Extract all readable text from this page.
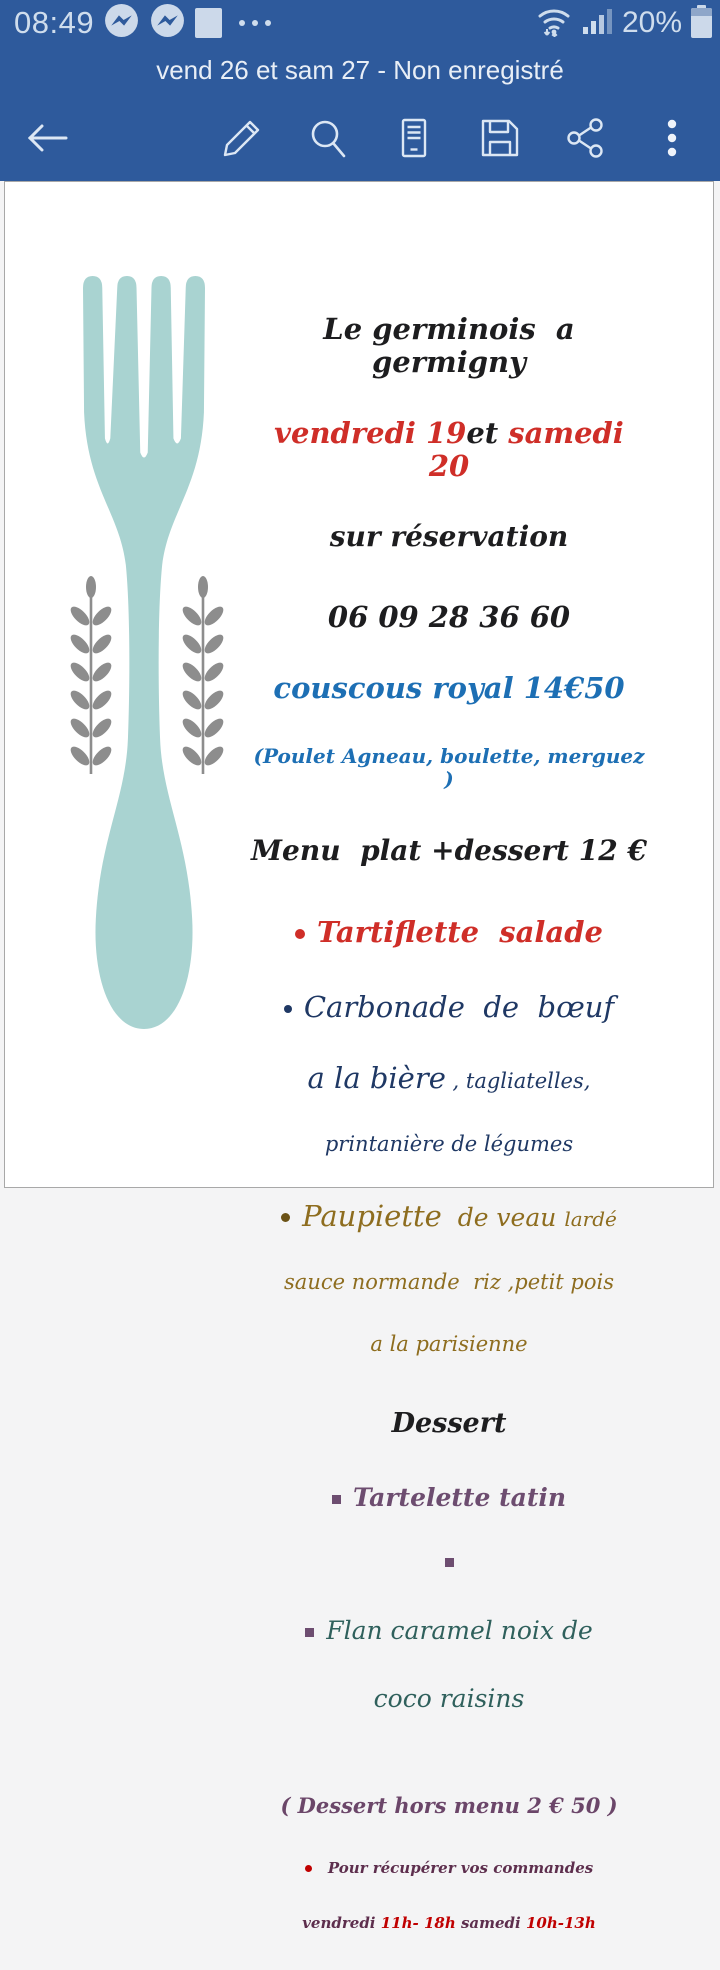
08:49	20%
vend 26 et sam 27 - Non enregistré

Le germinois  a germigny

vendredi 19et samedi 20

sur réservation

06 09 28 36 60

couscous royal 14€50

(Poulet Agneau, boulette, merguez )

Menu  plat +dessert 12 €

Tartiflette  salade

Carbonade  de  bœuf

a la bière , tagliatelles,

printanière de légumes

Paupiette  de veau lardé

sauce normande  riz ,petit pois

a la parisienne

Dessert

Tartelette tatin

Flan caramel noix de

coco raisins

( Dessert hors menu 2 € 50 )

Pour récupérer vos commandes

vendredi 11h- 18h samedi 10h-13h
